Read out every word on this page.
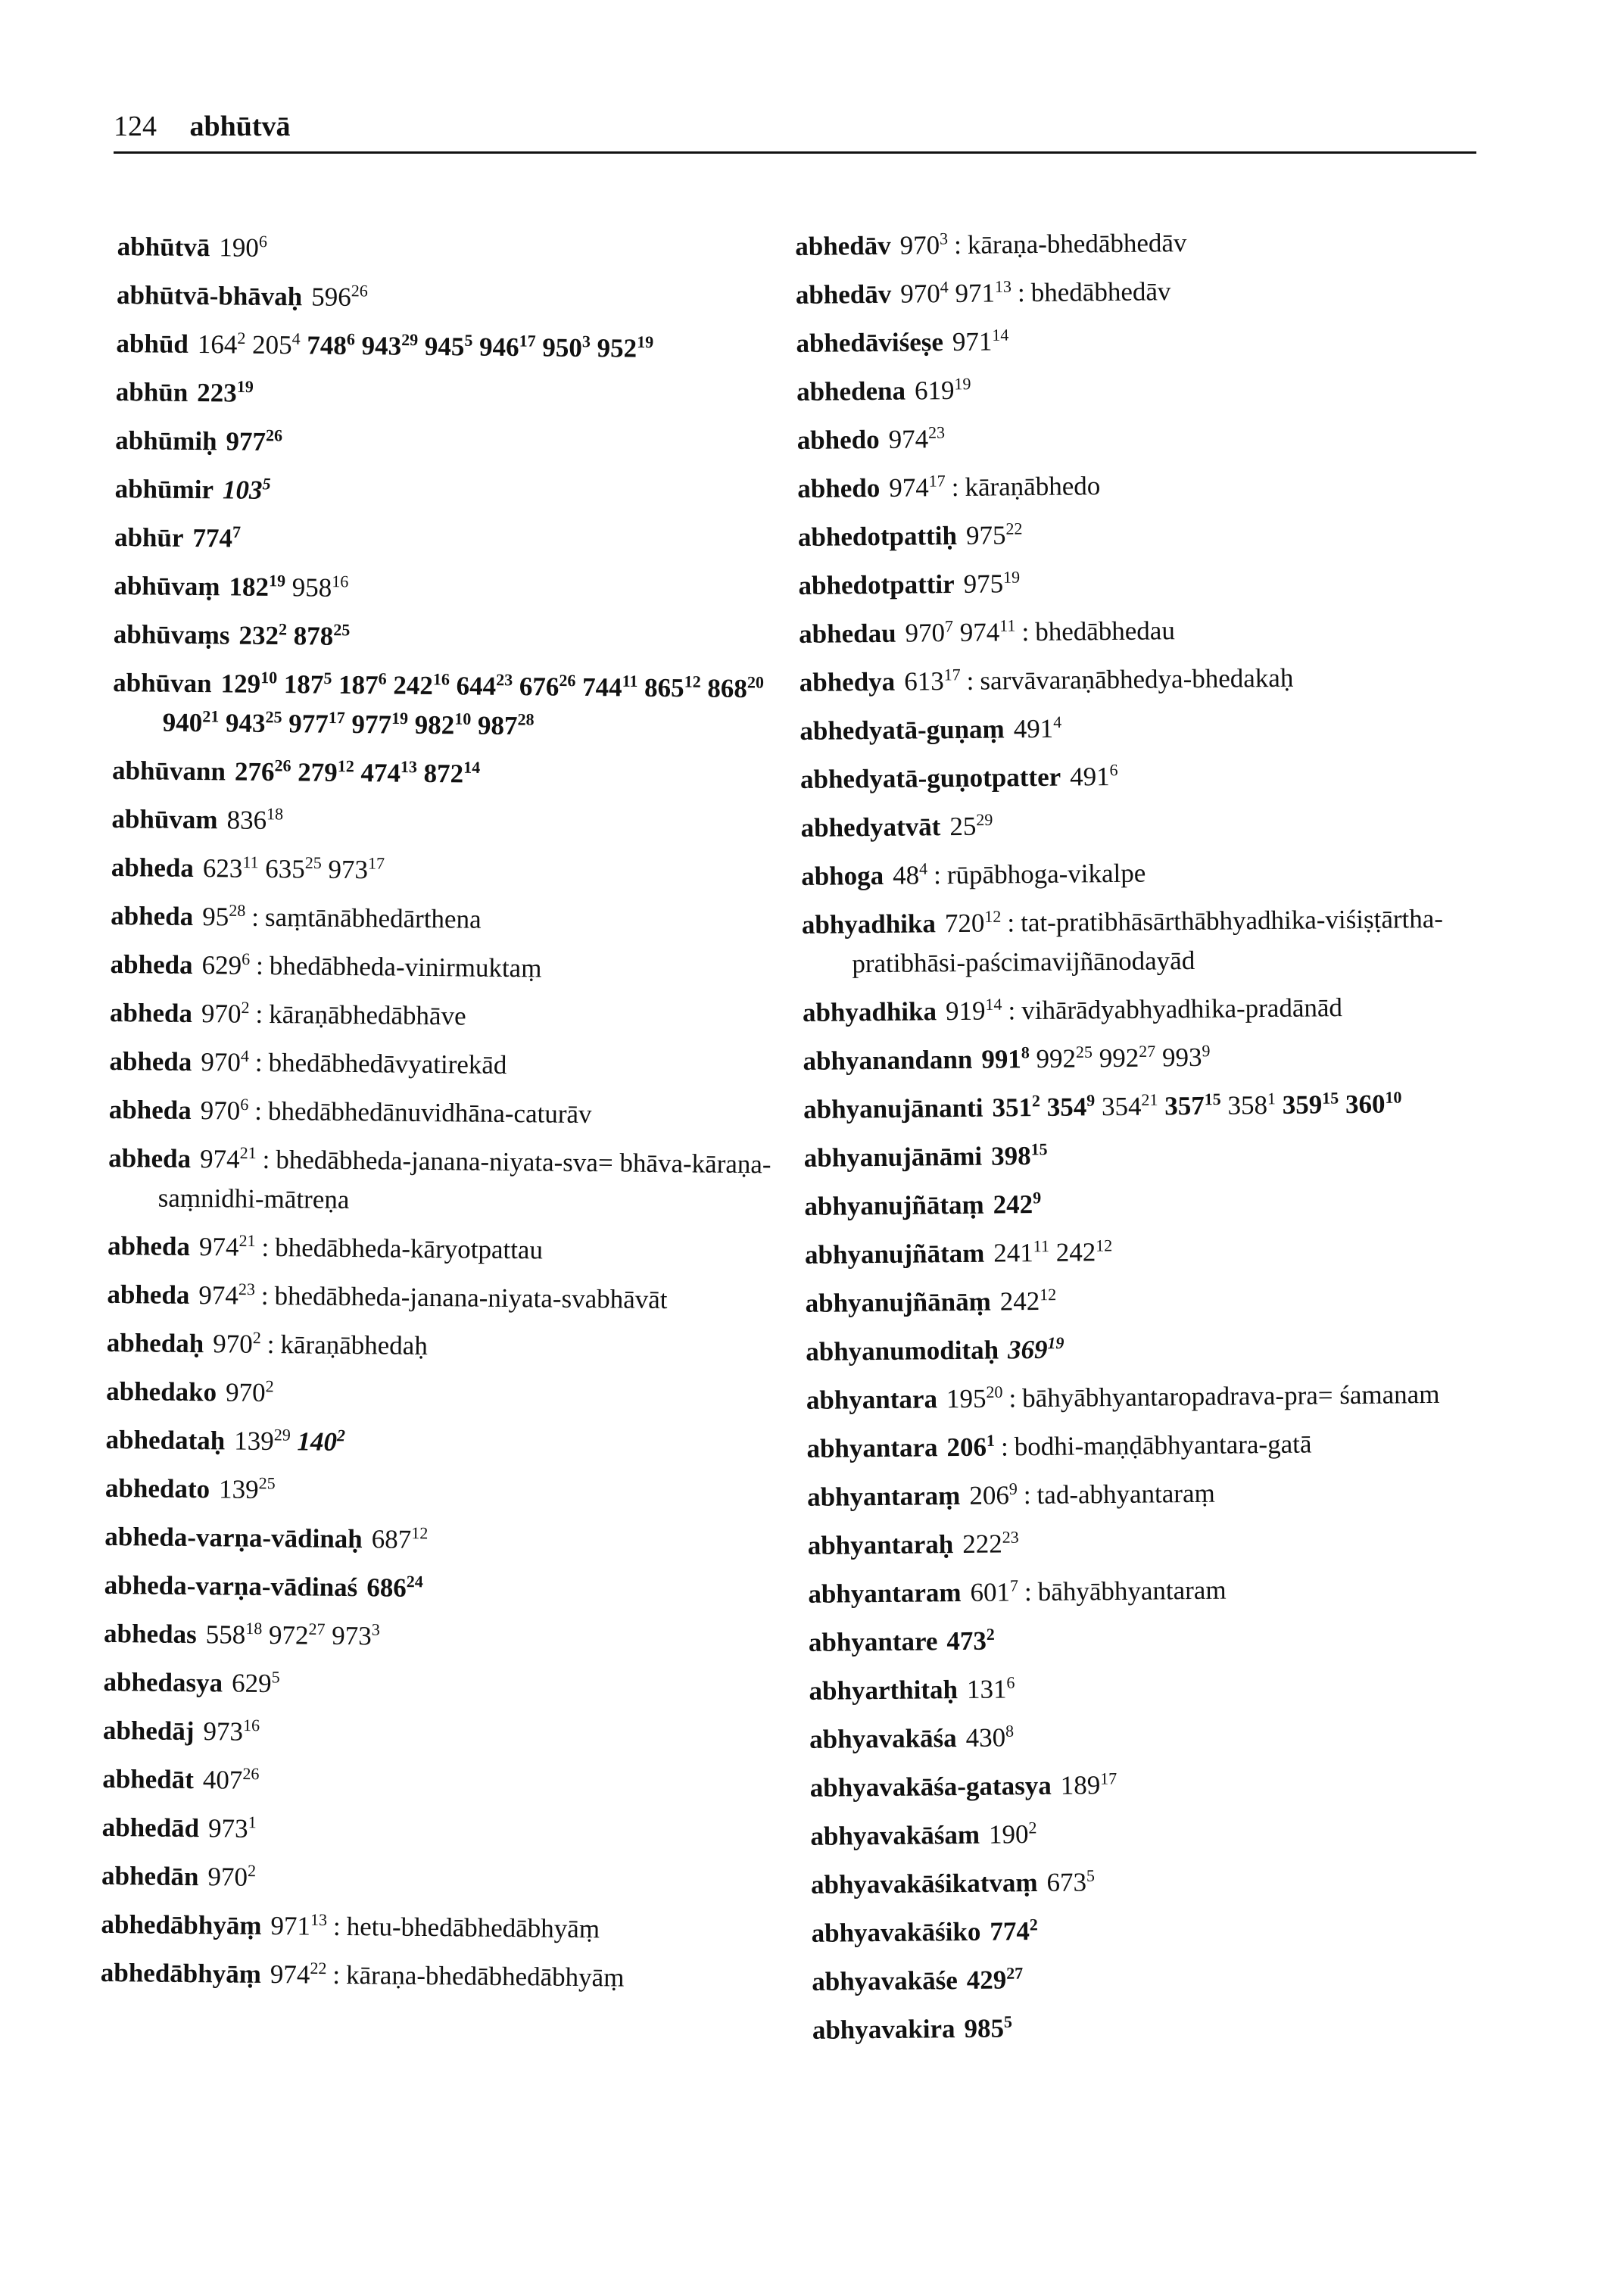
124 abhūtvā
abhūtvā $190^6$
abhūtvā-bhāvaḥ $596^{26}$
abhūd $164^2$ $205^4$ $748^6$ $943^{29}$ $945^5$ $946^{17}$ $950^3$ $952^{19}$
abhūn $223^{19}$
abhūmiḥ $977^{26}$
abhūmir $103^5$
abhūr $774^7$
abhūvaṃ $182^{19}$ $958^{16}$
abhūvaṃs $232^2$ $878^{25}$
abhūvan $129^{10}$ $187^5$ $187^6$ $242^{16}$ $644^{23}$ $676^{26}$ $744^{11}$ $865^{12}$ $868^{20}$ $940^{21}$ $943^{25}$ $977^{17}$ $977^{19}$ $982^{10}$ $987^{28}$
abhūvann $276^{26}$ $279^{12}$ $474^{13}$ $872^{14}$
abhūvam $836^{18}$
abheda $623^{11}$ $635^{25}$ $973^{17}$
abheda $95^{28}$ : saṃtānābhedārthena
abheda $629^6$ : bhedābheda-vinirmuktaṃ
abheda $970^2$ : kāraṇābhedābhāve
abheda $970^4$ : bhedābhedāvyatirekād
abheda $970^6$ : bhedābhedānuvidhāna-caturāv
abheda $974^{21}$ : bhedābheda-janana-niyata-sva= bhāva-kāraṇa-saṃnidhi-mātreṇa
abheda $974^{21}$ : bhedābheda-kāryotpattau
abheda $974^{23}$ : bhedābheda-janana-niyata-svabhāvāt
abhedaḥ $970^2$ : kāraṇābhedaḥ
abhedako $970^2$
abhedataḥ $139^{29}$ $140^2$
abhedato $139^{25}$
abheda-varṇa-vādinaḥ $687^{12}$
abheda-varṇa-vādinaś $686^{24}$
abhedas $558^{18}$ $972^{27}$ $973^3$
abhedasya $629^5$
abhedāj $973^{16}$
abhedāt $407^{26}$
abhedād $973^1$
abhedān $970^2$
abhedābhyāṃ $971^{13}$ : hetu-bhedābhedābhyāṃ
abhedābhyāṃ $974^{22}$ : kāraṇa-bhedābhedābhyāṃ
abhedāv $970^3$ : kāraṇa-bhedābhedāv
abhedāv $970^4$ $971^{13}$ : bhedābhedāv
abhedāviśeṣe $971^{14}$
abhedena $619^{19}$
abhedo $974^{23}$
abhedo $974^{17}$ : kāraṇābhedo
abhedotpattiḥ $975^{22}$
abhedotpattir $975^{19}$
abhedau $970^7$ $974^{11}$ : bhedābhedau
abhedya $613^{17}$ : sarvāvaraṇābhedya-bhedakaḥ
abhedyatā-guṇaṃ $491^4$
abhedyatā-guṇotpatter $491^6$
abhedyatvāt $25^{29}$
abhoga $48^4$ : rūpābhoga-vikalpe
abhyadhika $720^{12}$ : tat-pratibhāsārthābhyadhika-viśiṣṭārtha-pratibhāsi-paścimavijñānodayād
abhyadhika $919^{14}$ : vihārādyabhyadhika-pradānād
abhyanandann $991^8$ $992^{25}$ $992^{27}$ $993^9$
abhyanujānanti $351^2$ $354^9$ $354^{21}$ $357^{15}$ $358^1$ $359^{15}$ $360^{10}$
abhyanujānāmi $398^{15}$
abhyanujñātaṃ $242^9$
abhyanujñātam $241^{11}$ $242^{12}$
abhyanujñānāṃ $242^{12}$
abhyanumoditaḥ $369^{19}$
abhyantara $195^{20}$ : bāhyābhyantaropadrava-pra= śamanam
abhyantara $206^1$ : bodhi-maṇḍābhyantara-gatā
abhyantaraṃ $206^9$ : tad-abhyantaraṃ
abhyantaraḥ $222^{23}$
abhyantaram $601^7$ : bāhyābhyantaram
abhyantare $473^2$
abhyarthitaḥ $131^6$
abhyavakāśa $430^8$
abhyavakāśa-gatasya $189^{17}$
abhyavakāśam $190^2$
abhyavakāśikatvaṃ $673^5$
abhyavakāśiko $774^2$
abhyavakāśe $429^{27}$
abhyavakira $985^5$
